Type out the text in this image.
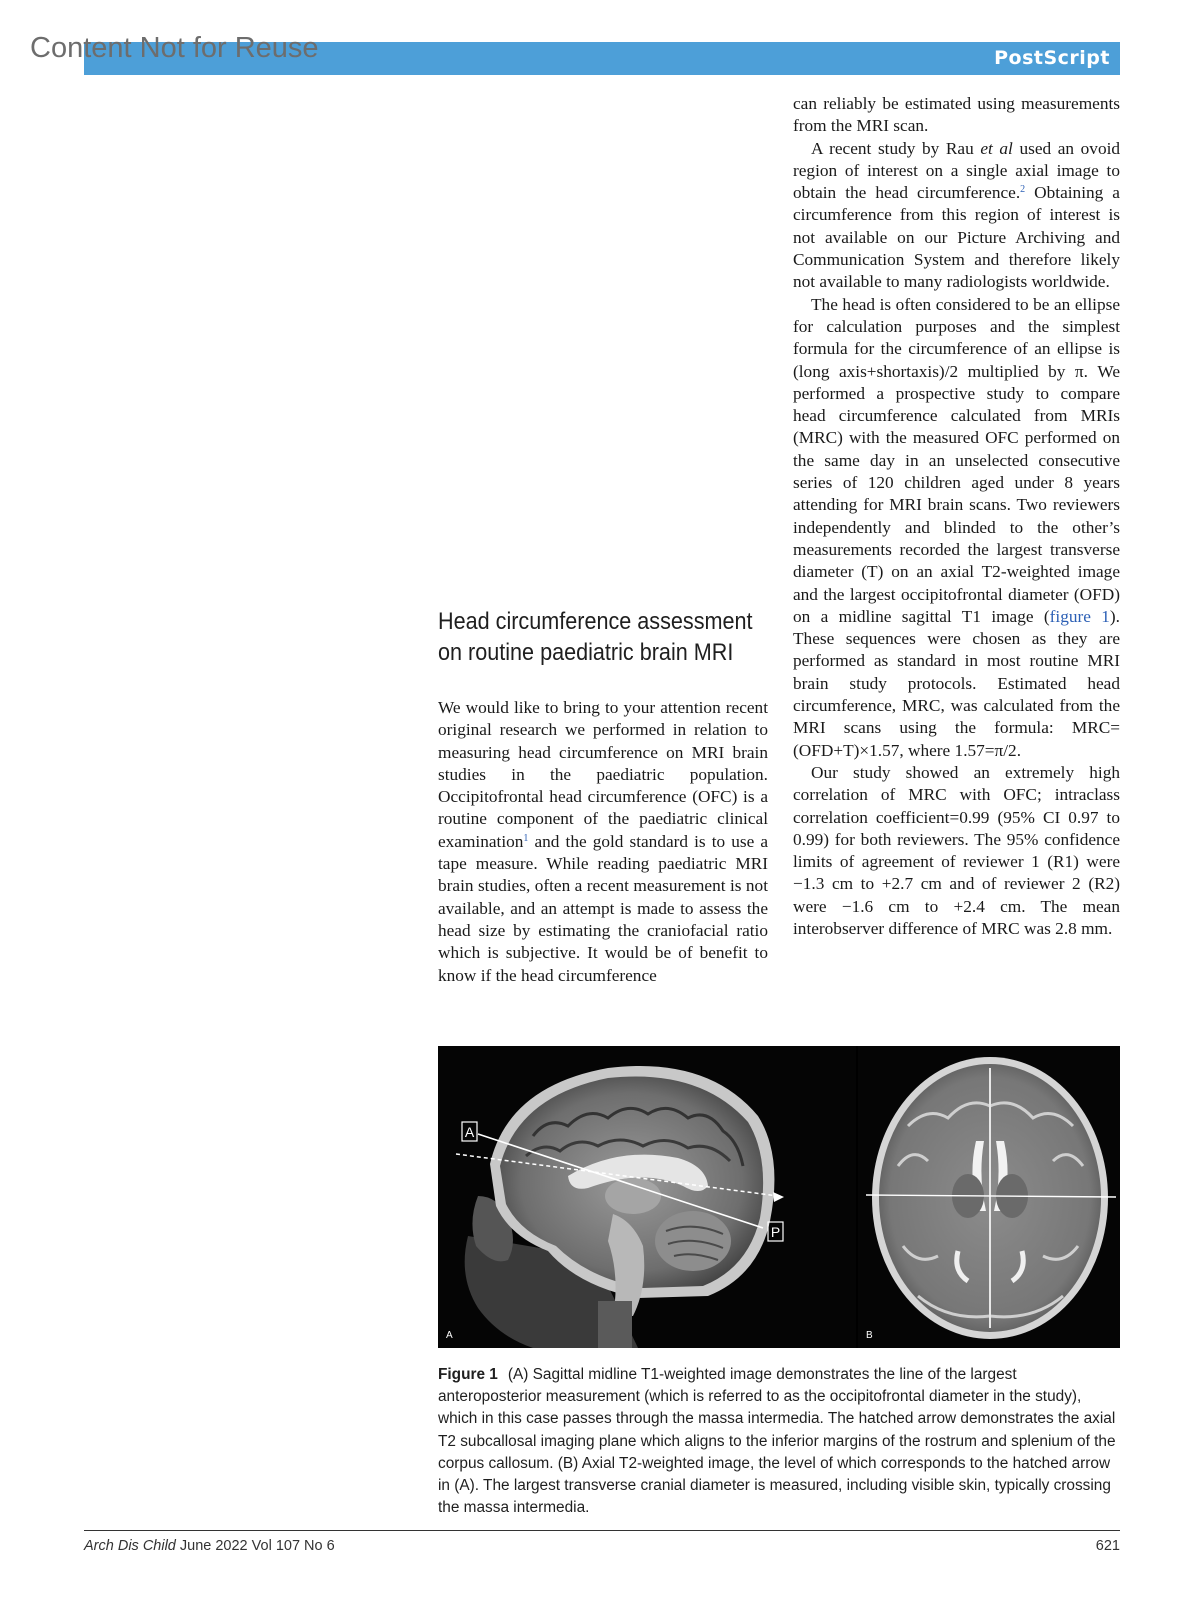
Content Not for Reuse	PostScript

can reliably be estimated using measurements from the MRI scan.

A recent study by Rau et al used an ovoid region of interest on a single axial image to obtain the head circumference.$^2$ Obtaining a circumference from this region of interest is not available on our Picture Archiving and Communication System and therefore likely not available to many radiologists worldwide.

The head is often considered to be an ellipse for calculation purposes and the simplest formula for the circumference of an ellipse is (long axis+shortaxis)/2 multiplied by π. We performed a prospective study to compare head circumference calculated from MRIs (MRC) with the measured OFC performed on the same day in an unselected consecutive series of 120 children aged under 8 years attending for MRI brain scans. Two reviewers independently and blinded to the other’s measurements recorded the largest transverse diameter (T) on an axial T2-weighted image and the largest occipitofrontal diameter (OFD) on a midline sagittal T1 image (figure 1). These sequences were chosen as they are performed as standard in most routine MRI brain study protocols. Estimated head circumference, MRC, was calculated from the MRI scans using the formula: MRC=(OFD+T)×1.57, where 1.57=π/2.

Our study showed an extremely high correlation of MRC with OFC; intraclass correlation coefficient=0.99 (95% CI 0.97 to 0.99) for both reviewers. The 95% confidence limits of agreement of reviewer 1 (R1) were −1.3 cm to +2.7 cm and of reviewer 2 (R2) were −1.6 cm to +2.4 cm. The mean interobserver difference of MRC was 2.8 mm.

Head circumference assessment
on routine paediatric brain MRI

We would like to bring to your attention recent original research we performed in relation to measuring head circumference on MRI brain studies in the paediatric population. Occipitofrontal head circumference (OFC) is a routine component of the paediatric clinical examination$^1$ and the gold standard is to use a tape measure. While reading paediatric MRI brain studies, often a recent measurement is not available, and an attempt is made to assess the head size by estimating the craniofacial ratio which is subjective. It would be of benefit to know if the head circumference

A
P
A	B
Figure 1 (A) Sagittal midline T1-weighted image demonstrates the line of the largest anteroposterior measurement (which is referred to as the occipitofrontal diameter in the study), which in this case passes through the massa intermedia. The hatched arrow demonstrates the axial T2 subcallosal imaging plane which aligns to the inferior margins of the rostrum and splenium of the corpus callosum. (B) Axial T2-weighted image, the level of which corresponds to the hatched arrow in (A). The largest transverse cranial diameter is measured, including visible skin, typically crossing the massa intermedia.
Arch Dis Child June 2022 Vol 107 No 6	621
